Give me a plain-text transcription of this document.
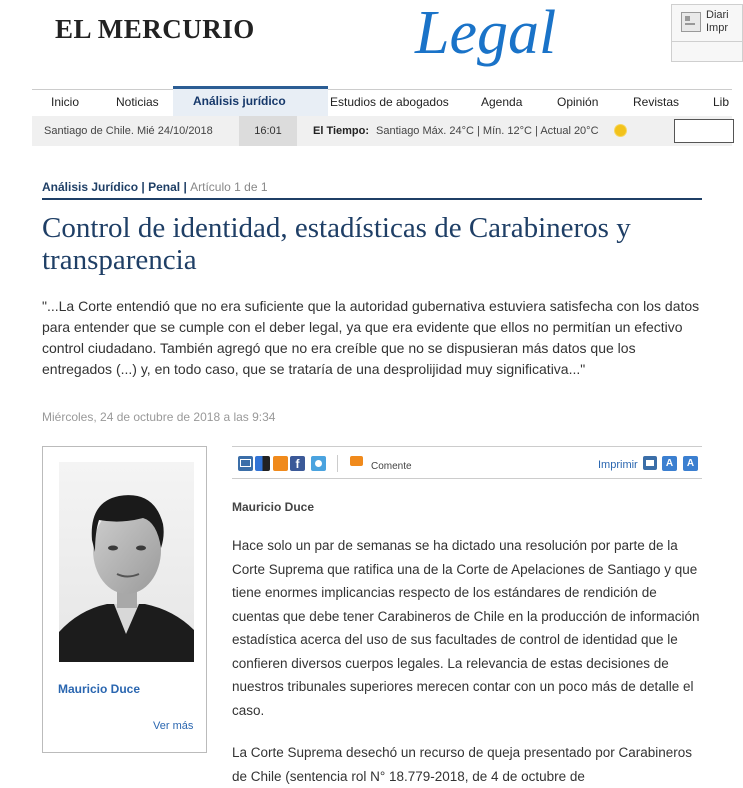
EL MERCURIO	Legal	Diari
Impr
Inicio	Noticias	Análisis jurídico	Estudios de abogados	Agenda	Opinión	Revistas	Lib
Santiago de Chile. Mié 24/10/2018	16:01	El Tiempo: Santiago Máx. 24°C | Mín. 12°C | Actual 20°C
Análisis Jurídico | Penal | Artículo 1 de 1
Control de identidad, estadísticas de Carabineros y transparencia
"...La Corte entendió que no era suficiente que la autoridad gubernativa estuviera satisfecha con los datos para entender que se cumple con el deber legal, ya que era evidente que ellos no permitían un efectivo control ciudadano. También agregó que no era creíble que no se dispusieran más datos que los entregados (...) y, en todo caso, que se trataría de una desprolijidad muy significativa..."
Miércoles, 24 de octubre de 2018 a las 9:34
Mauricio Duce
Ver más
f	Comente	Imprimir	A	A
Mauricio Duce
Hace solo un par de semanas se ha dictado una resolución por parte de la Corte Suprema que ratifica una de la Corte de Apelaciones de Santiago y que tiene enormes implicancias respecto de los estándares de rendición de cuentas que debe tener Carabineros de Chile en la producción de información estadística acerca del uso de sus facultades de control de identidad que le confieren diversos cuerpos legales. La relevancia de estas decisiones de nuestros tribunales superiores merecen contar con un poco más de detalle el caso.
La Corte Suprema desechó un recurso de queja presentado por Carabineros de Chile (sentencia rol N° 18.779-2018, de 4 de octubre de
